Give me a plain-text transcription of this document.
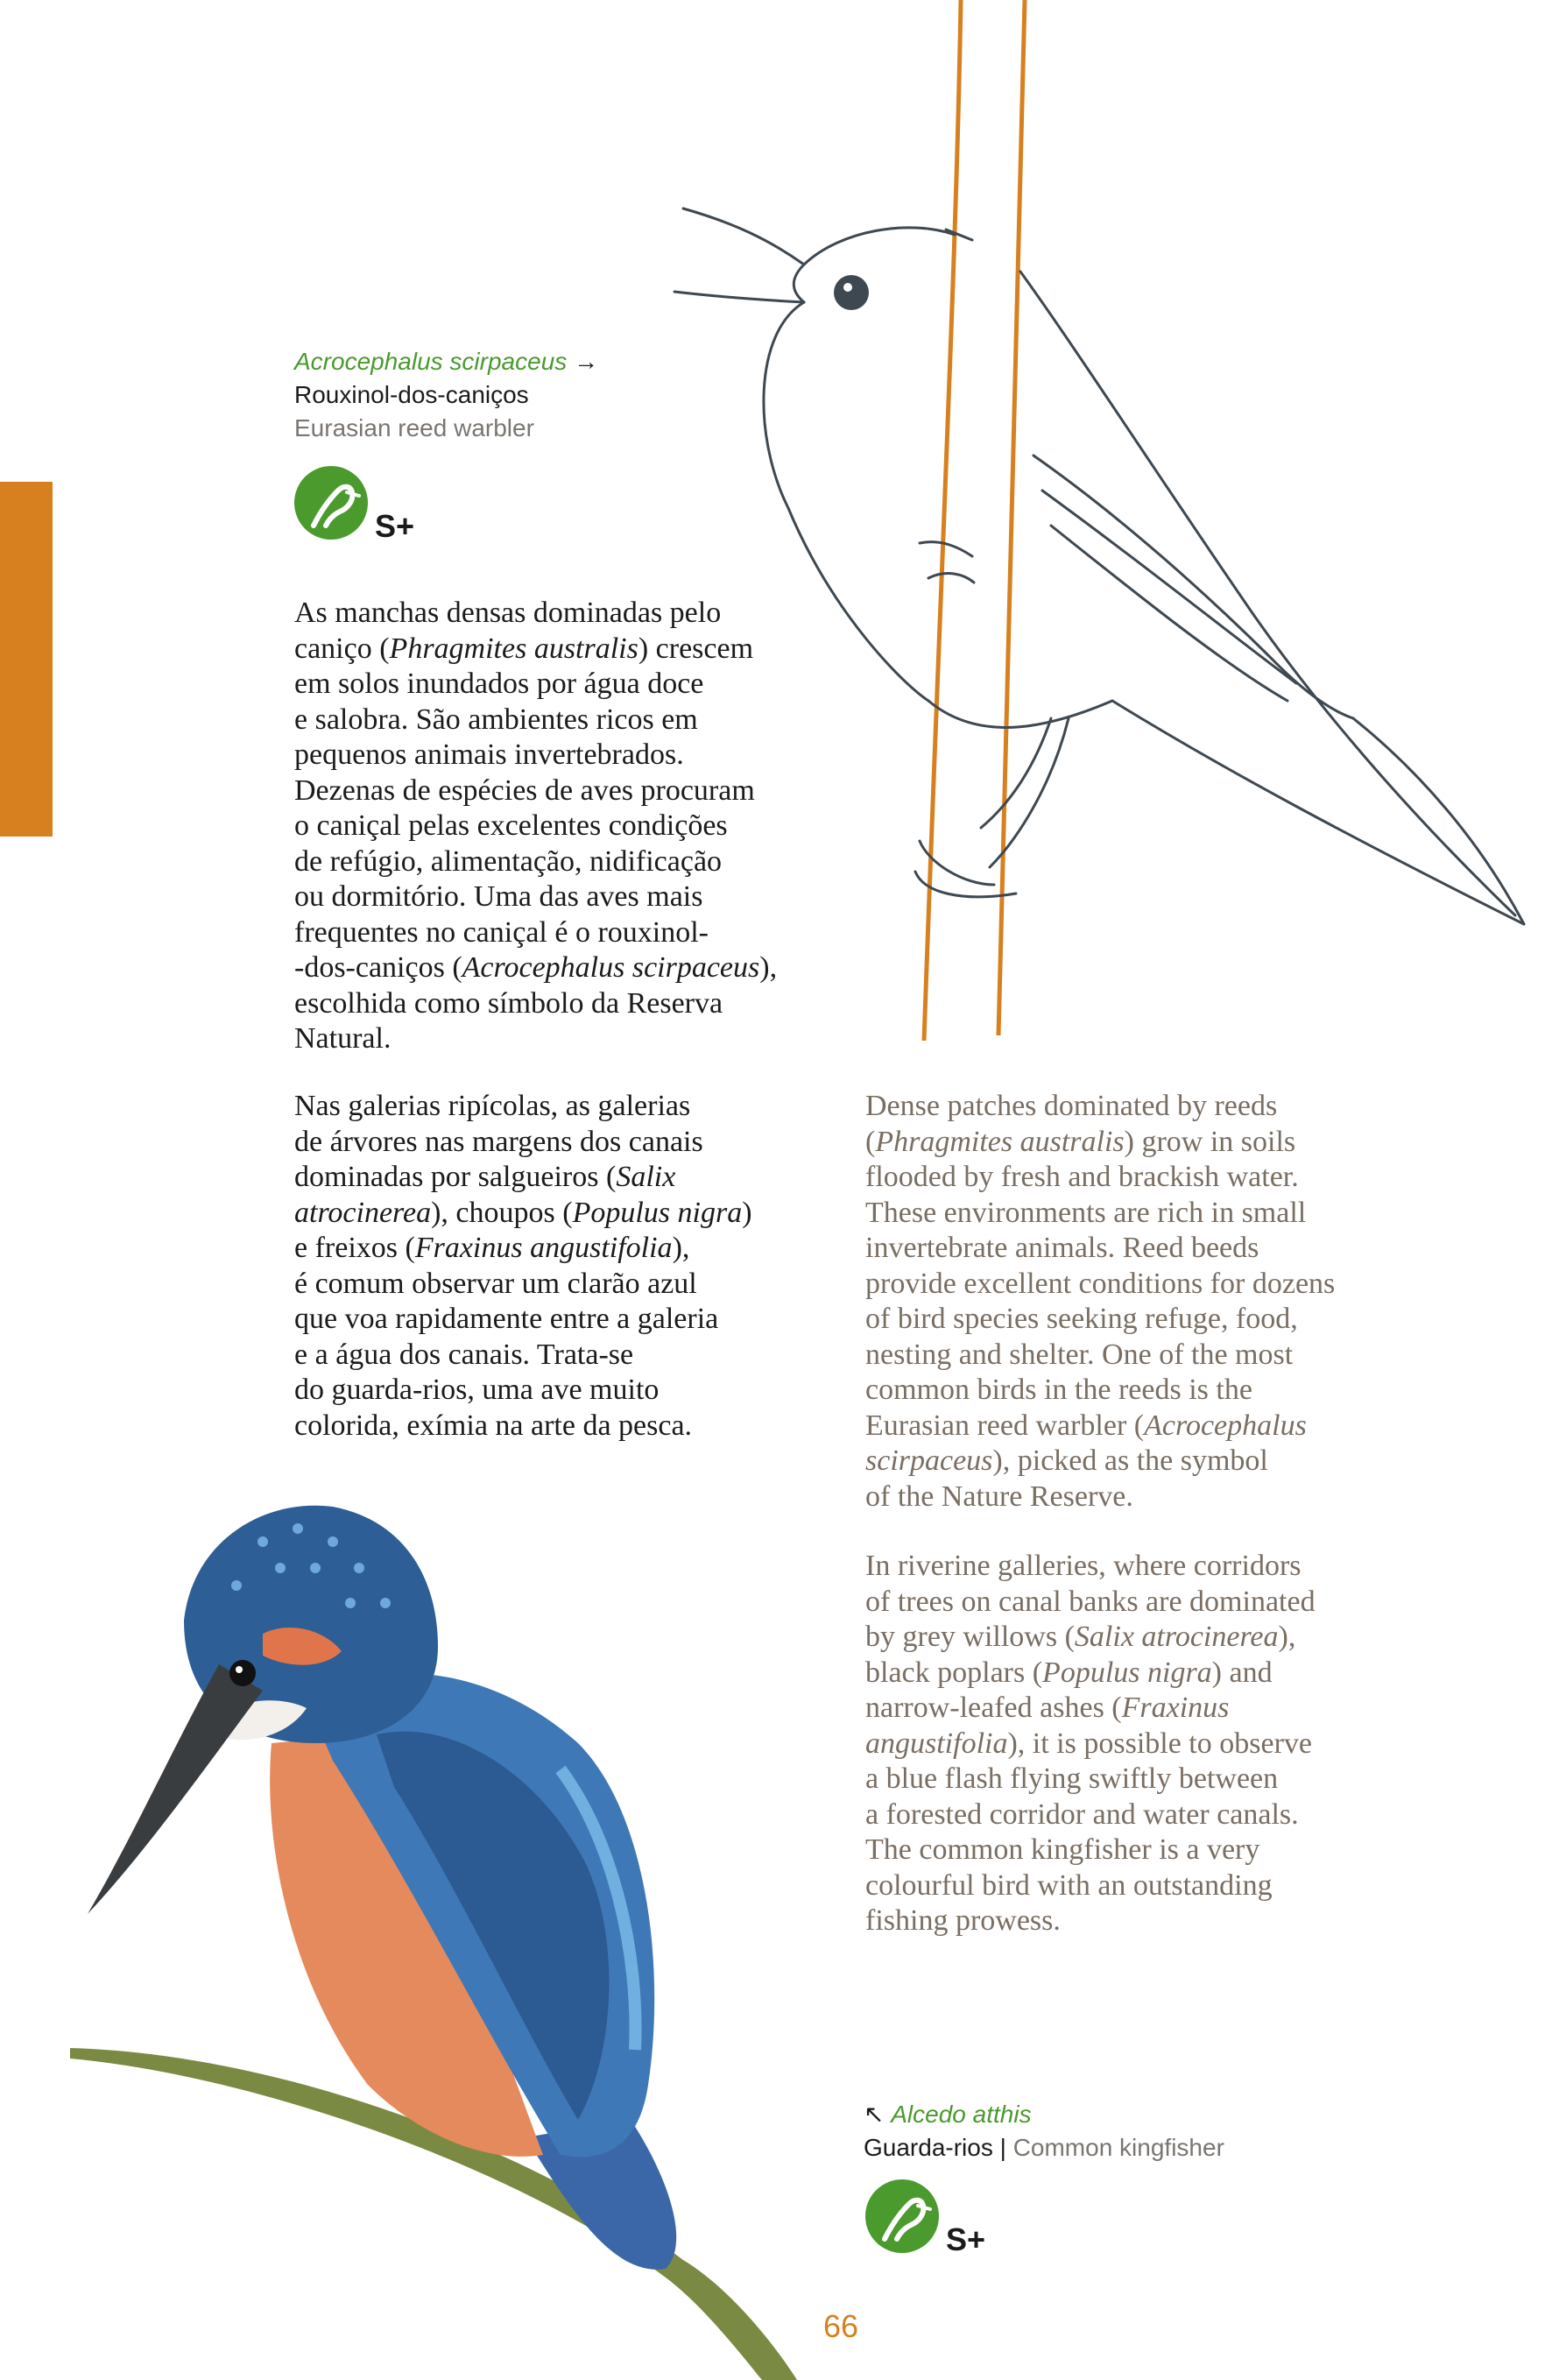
Acrocephalus scirpaceus →
Rouxinol-dos-caniços
Eurasian reed warbler
S+

As manchas densas dominadas pelo
caniço (Phragmites australis) crescem
em solos inundados por água doce
e salobra. São ambientes ricos em
pequenos animais invertebrados.
Dezenas de espécies de aves procuram
o caniçal pelas excelentes condições
de refúgio, alimentação, nidificação
ou dormitório. Uma das aves mais
frequentes no caniçal é o rouxinol-
-dos-caniços (Acrocephalus scirpaceus),
escolhida como símbolo da Reserva
Natural.

Nas galerias ripícolas, as galerias
de árvores nas margens dos canais
dominadas por salgueiros (Salix
atrocinerea), choupos (Populus nigra)
e freixos (Fraxinus angustifolia),
é comum observar um clarão azul
que voa rapidamente entre a galeria
e a água dos canais. Trata-se
do guarda-rios, uma ave muito
colorida, exímia na arte da pesca.

Dense patches dominated by reeds
(Phragmites australis) grow in soils
flooded by fresh and brackish water.
These environments are rich in small
invertebrate animals. Reed beeds
provide excellent conditions for dozens
of bird species seeking refuge, food,
nesting and shelter. One of the most
common birds in the reeds is the
Eurasian reed warbler (Acrocephalus
scirpaceus), picked as the symbol
of the Nature Reserve.

In riverine galleries, where corridors
of trees on canal banks are dominated
by grey willows (Salix atrocinerea),
black poplars (Populus nigra) and
narrow-leafed ashes (Fraxinus
angustifolia), it is possible to observe
a blue flash flying swiftly between
a forested corridor and water canals.
The common kingfisher is a very
colourful bird with an outstanding
fishing prowess.

↖ Alcedo atthis
Guarda-rios | Common kingfisher
S+
66
